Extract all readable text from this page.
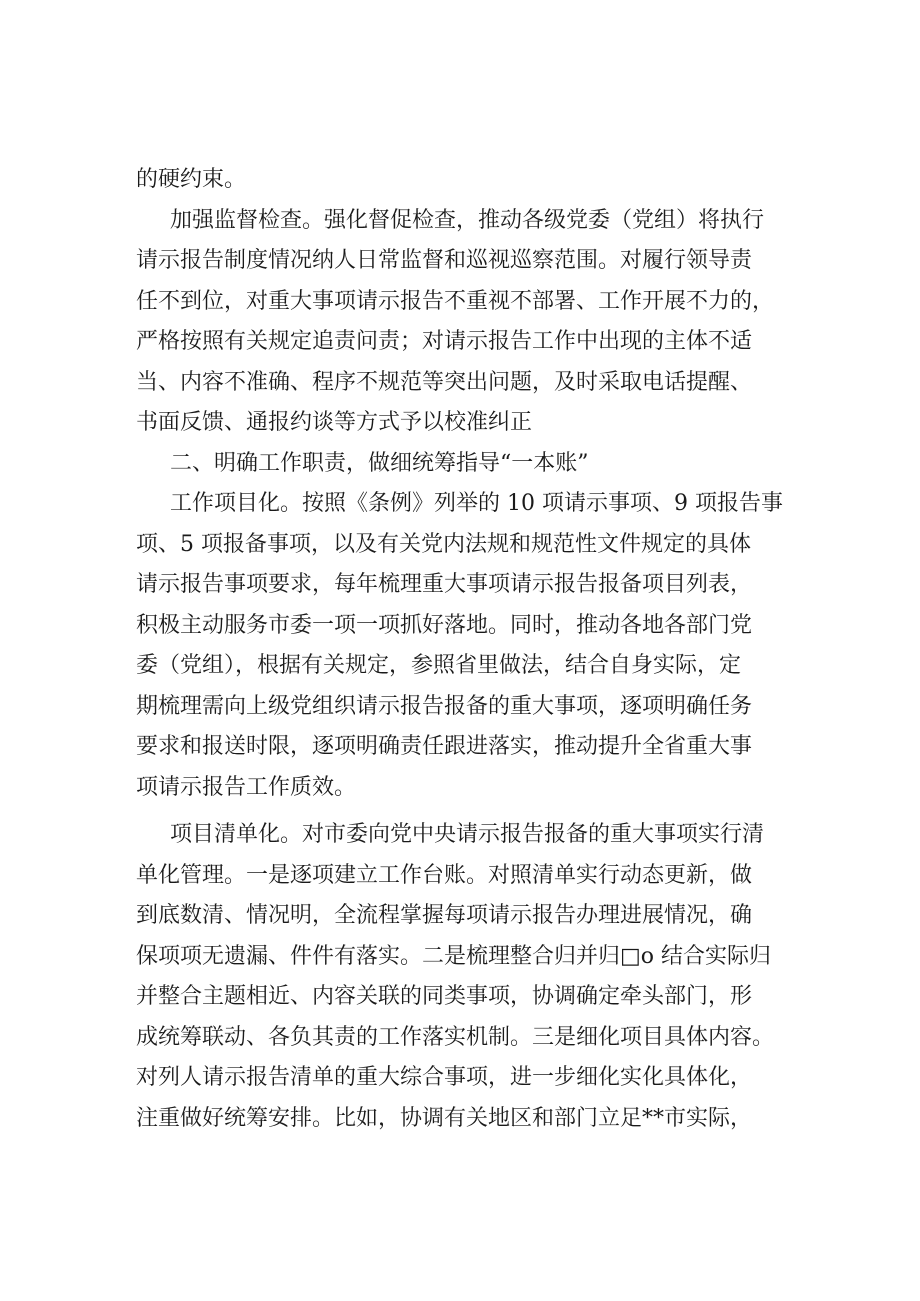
的硬约束。
加强监督检查。强化督促检查，推动各级党委（党组）将执行
请示报告制度情况纳人日常监督和巡视巡察范围。对履行领导责
任不到位，对重大事项请示报告不重视不部署、工作开展不力的，
严格按照有关规定追责问责；对请示报告工作中出现的主体不适
当、内容不准确、程序不规范等突出问题，及时采取电话提醒、
书面反馈、通报约谈等方式予以校准纠正
二、明确工作职责，做细统筹指导“一本账”
工作项目化。按照《条例》列举的 10 项请示事项、9 项报告事
项、5 项报备事项，以及有关党内法规和规范性文件规定的具体
请示报告事项要求，每年梳理重大事项请示报告报备项目列表，
积极主动服务市委一项一项抓好落地。同时，推动各地各部门党
委（党组），根据有关规定，参照省里做法，结合自身实际，定
期梳理需向上级党组织请示报告报备的重大事项，逐项明确任务
要求和报送时限，逐项明确责任跟进落实，推动提升全省重大事
项请示报告工作质效。
项目清单化。对市委向党中央请示报告报备的重大事项实行清
单化管理。一是逐项建立工作台账。对照清单实行动态更新，做
到底数清、情况明，全流程掌握每项请示报告办理进展情况，确
保项项无遗漏、件件有落实。二是梳理整合归并归□o 结合实际归
并整合主题相近、内容关联的同类事项，协调确定牵头部门，形
成统筹联动、各负其责的工作落实机制。三是细化项目具体内容。
对列人请示报告清单的重大综合事项，进一步细化实化具体化，
注重做好统筹安排。比如，协调有关地区和部门立足**市实际，
